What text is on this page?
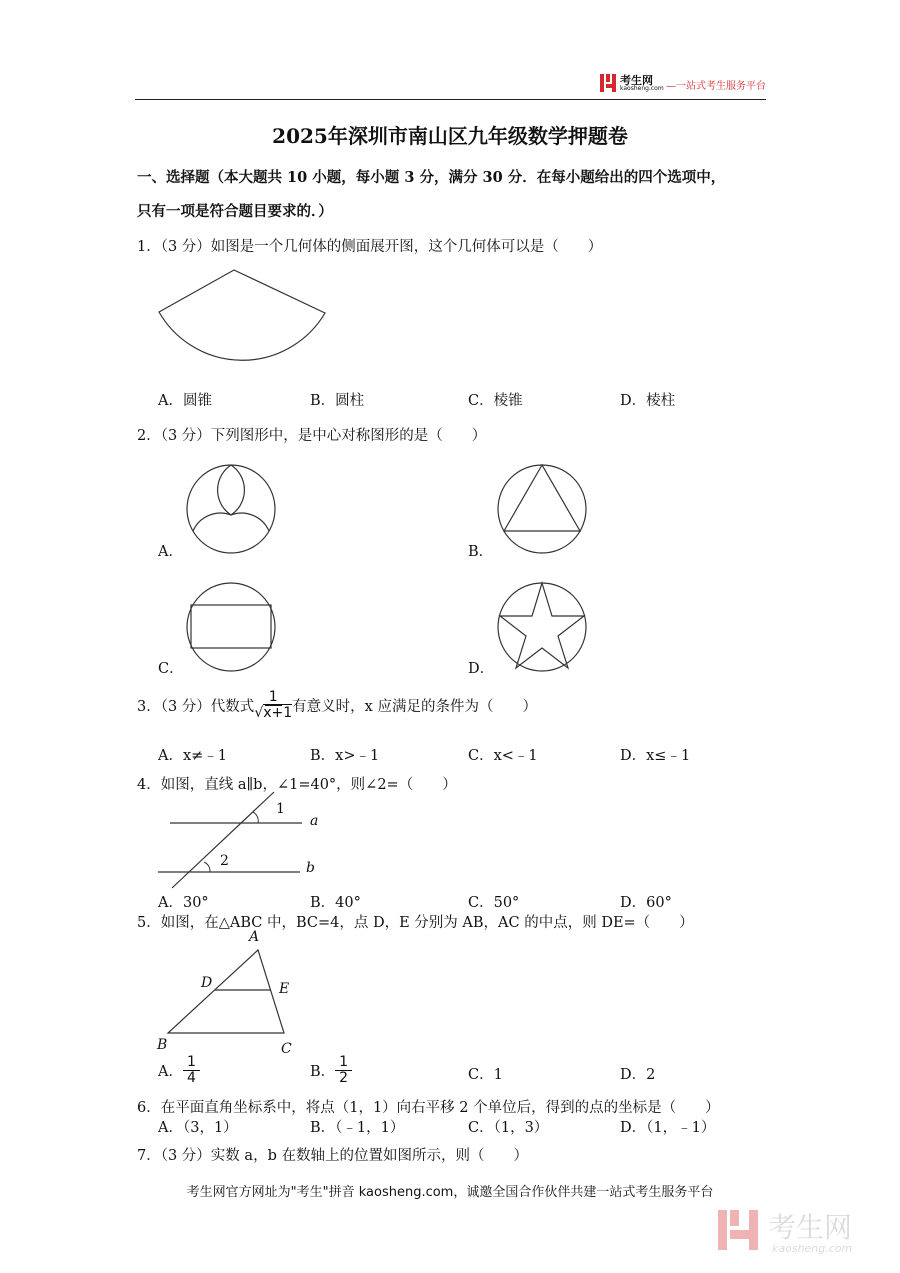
考生网
kaosheng.com —一站式考生服务平台
2025年深圳市南山区九年级数学押题卷
一、选择题（本大题共 10 小题，每小题 3 分，满分 30 分．在每小题给出的四个选项中，
只有一项是符合题目要求的．）
1．（3 分）如图是一个几何体的侧面展开图，这个几何体可以是（　　）
A．圆锥	B．圆柱	C．棱锥	D．棱柱
2．（3 分）下列图形中，是中心对称图形的是（　　）
A．	B．
C．	D．
3．（3 分）代数式 $\frac{1}{√x+1}$ 有意义时，x 应满足的条件为（　　）
A．x≠﹣1	B．x>﹣1	C．x<﹣1	D．x≤﹣1
4．如图，直线 a∥b，∠1=40°，则∠2=（　　）
1
a
2	b
A．30°	B．40°	C．50°	D．60°
5．如图，在△ABC 中，BC=4，点 D，E 分别为 AB，AC 的中点，则 DE=（　　）
A
D	E
B	C
A． $\frac{1}{4}$	B． $\frac{1}{2}$	C．1	D．2
6．在平面直角坐标系中，将点（1，1）向右平移 2 个单位后，得到的点的坐标是（　　）
A．（3，1）	B．（﹣1，1）	C．（1，3）	D．（1，﹣1）
7．（3 分）实数 a，b 在数轴上的位置如图所示，则（　　）
考生网官方网址为"考生"拼音 kaosheng.com，诚邀全国合作伙伴共建一站式考生服务平台
考生网
kaosheng.com
